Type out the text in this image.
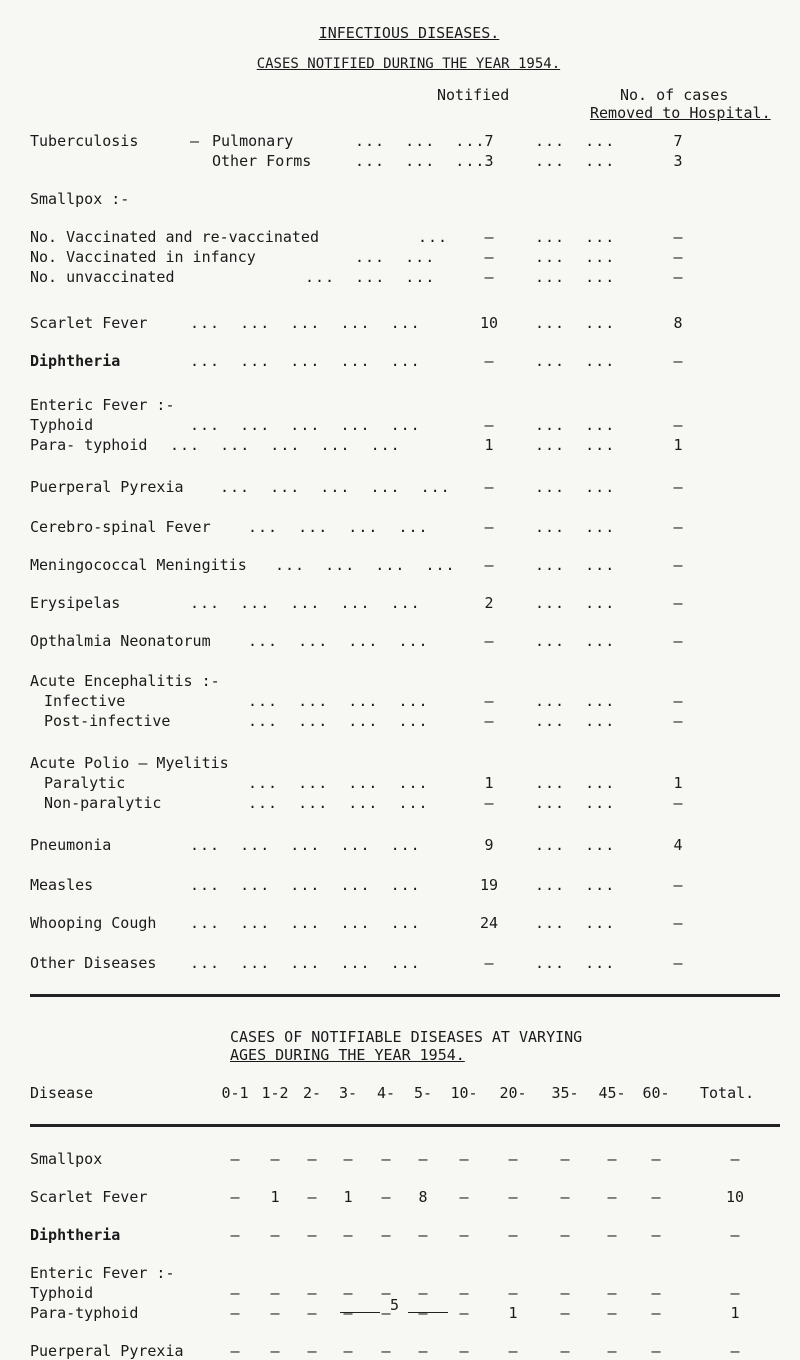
INFECTIOUS DISEASES.

CASES NOTIFIED DURING THE YEAR 1954.

Notified	No. of cases
Removed to Hospital.
Tuberculosis	– Pulmonary	...  ...  ... 7	...  ...	7
Other Forms	...  ...  ... 3	...  ...	3
Smallpox :-
No. Vaccinated and re-vaccinated	...	–	...  ...	–
No. Vaccinated in infancy	...  ...	–	...  ...	–
No. unvaccinated	...  ...  ...	–	...  ...	–
Scarlet Fever	...  ...  ...  ...  ...	10	...  ...	8
Diphtheria	...  ...  ...  ...  ...	–	...  ...	–
Enteric Fever :-
Typhoid	...  ...  ...  ...  ...	–	...  ...	–
Para- typhoid ...  ...  ...  ...  ...	1	...  ...	1
Puerperal Pyrexia ...  ...  ...  ...  ...	–	...  ...	–
Cerebro-spinal Fever ...  ...  ...  ...	–	...  ...	–
Meningococcal Meningitis ...  ...  ...  ...	–	...  ...	–
Erysipelas	...  ...  ...  ...  ...	2	...  ...	–
Opthalmia Neonatorum ...  ...  ...  ...	–	...  ...	–
Acute Encephalitis :-
Infective	...  ...  ...  ...	–	...  ...	–
Post-infective	...  ...  ...  ...	–	...  ...	–
Acute Polio – Myelitis
Paralytic	...  ...  ...  ...	1	...  ...	1
Non-paralytic	...  ...  ...  ...	–	...  ...	–
Pneumonia	...  ...  ...  ...  ...	9	...  ...	4
Measles	...  ...  ...  ...  ...	19	...  ...	–
Whooping Cough ...  ...  ...  ...  ...	24	...  ...	–
Other Diseases ...  ...  ...  ...  ...	–	...  ...	–
CASES OF NOTIFIABLE DISEASES AT VARYING
AGES DURING THE YEAR 1954.
Disease	0-1 1-2 2-	3-	4-	5-	10-	20-	35-	45-	60-	Total.
Smallpox	–	–	–	–	–	–	–	–	–	–	–	–
Scarlet Fever	–	1	–	1	–	8	–	–	–	–	–	10
Diphtheria	–	–	–	–	–	–	–	–	–	–	–	–
Enteric Fever :-
Typhoid	–	–	–	–	–	–	–	–	–	–	–	–
Para-typhoid	–	–	–	–	–	–	–	1	–	–	–	1
Puerperal Pyrexia	–	–	–	–	–	–	–	–	–	–	–	–
5
